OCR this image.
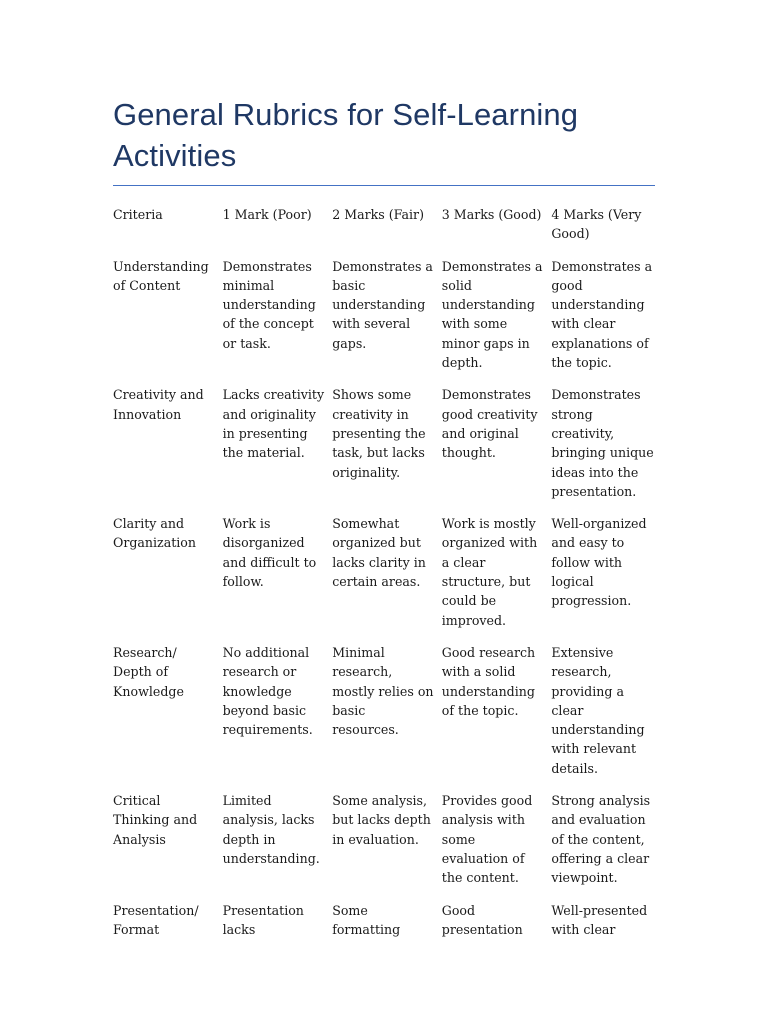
General Rubrics for Self-Learning Activities
Criteria	1 Mark (Poor)	2 Marks (Fair)	3 Marks (Good)	4 Marks (Very Good)
Understanding of Content	Demonstrates minimal understanding of the concept or task.	Demonstrates a basic understanding with several gaps.	Demonstrates a solid understanding with some minor gaps in depth.	Demonstrates a good understanding with clear explanations of the topic.
Creativity and Innovation	Lacks creativity and originality in presenting the material.	Shows some creativity in presenting the task, but lacks originality.	Demonstrates good creativity and original thought.	Demonstrates strong creativity, bringing unique ideas into the presentation.
Clarity and Organization	Work is disorganized and difficult to follow.	Somewhat organized but lacks clarity in certain areas.	Work is mostly organized with a clear structure, but could be improved.	Well-organized and easy to follow with logical progression.
Research/ Depth of Knowledge	No additional research or knowledge beyond basic requirements.	Minimal research, mostly relies on basic resources.	Good research with a solid understanding of the topic.	Extensive research, providing a clear understanding with relevant details.
Critical Thinking and Analysis	Limited analysis, lacks depth in understanding.	Some analysis, but lacks depth in evaluation.	Provides good analysis with some evaluation of the content.	Strong analysis and evaluation of the content, offering a clear viewpoint.
Presentation/ Format	Presentation lacks	Some formatting	Good presentation	Well-presented with clear
